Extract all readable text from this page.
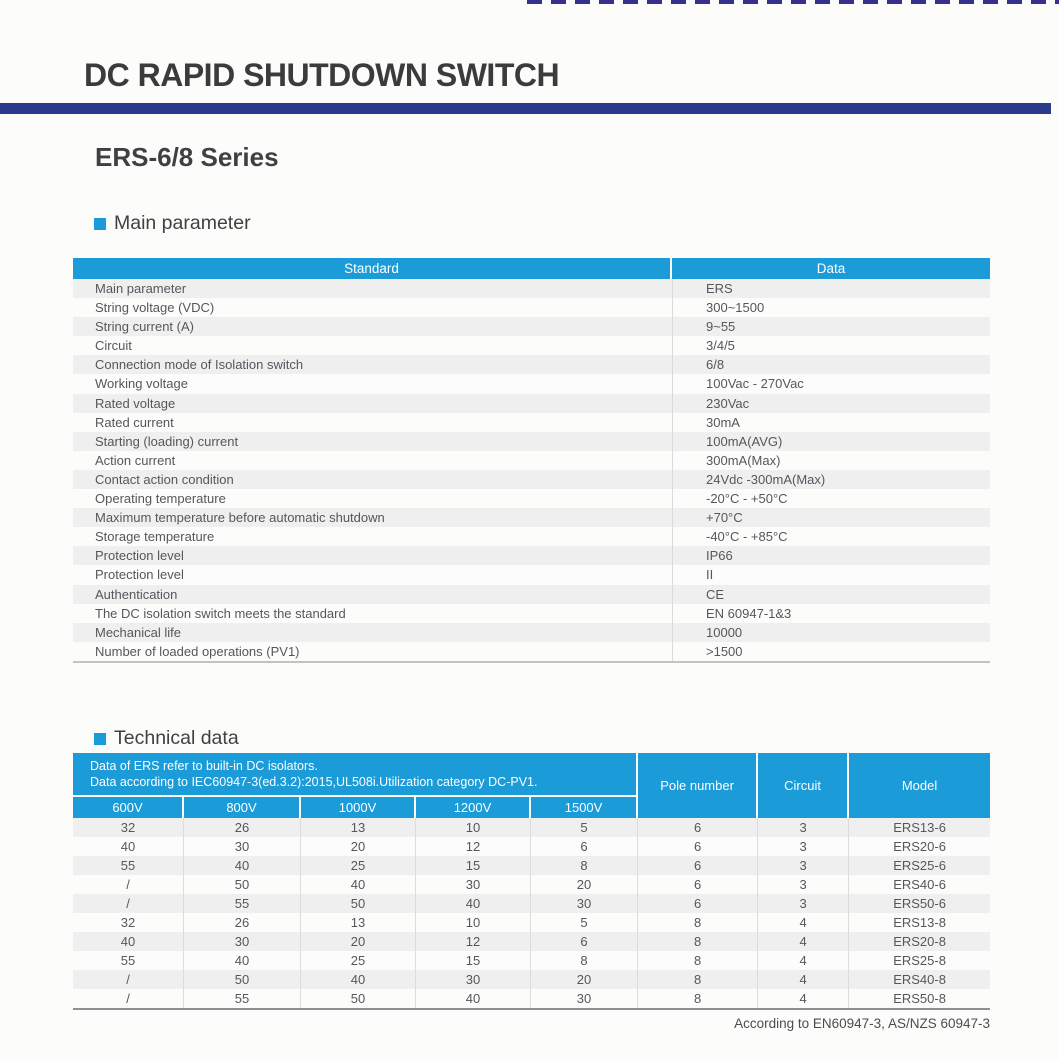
DC RAPID SHUTDOWN SWITCH
ERS-6/8 Series
Main parameter
Standard	Data
Main parameter	ERS
String voltage (VDC)	300~1500
String current (A)	9~55
Circuit	3/4/5
Connection mode of Isolation switch	6/8
Working voltage	100Vac - 270Vac
Rated voltage	230Vac
Rated current	30mA
Starting (loading) current	100mA(AVG)
Action current	300mA(Max)
Contact action condition	24Vdc -300mA(Max)
Operating temperature	-20°C - +50°C
Maximum temperature before automatic shutdown	+70°C
Storage temperature	-40°C - +85°C
Protection level	IP66
Protection level	II
Authentication	CE
The DC isolation switch meets the standard	EN 60947-1&3
Mechanical life	10000
Number of loaded operations (PV1)	>1500
Technical data
Data of ERS refer to built-in DC isolators.
Data according to IEC60947-3(ed.3.2):2015,UL508i.Utilization category DC-PV1.					Pole number	Circuit	Model
600V	800V	1000V	1200V	1500V			
32	26	13	10	5	6	3	ERS13-6
40	30	20	12	6	6	3	ERS20-6
55	40	25	15	8	6	3	ERS25-6
/	50	40	30	20	6	3	ERS40-6
/	55	50	40	30	6	3	ERS50-6
32	26	13	10	5	8	4	ERS13-8
40	30	20	12	6	8	4	ERS20-8
55	40	25	15	8	8	4	ERS25-8
/	50	40	30	20	8	4	ERS40-8
/	55	50	40	30	8	4	ERS50-8
According to EN60947-3, AS/NZS 60947-3
